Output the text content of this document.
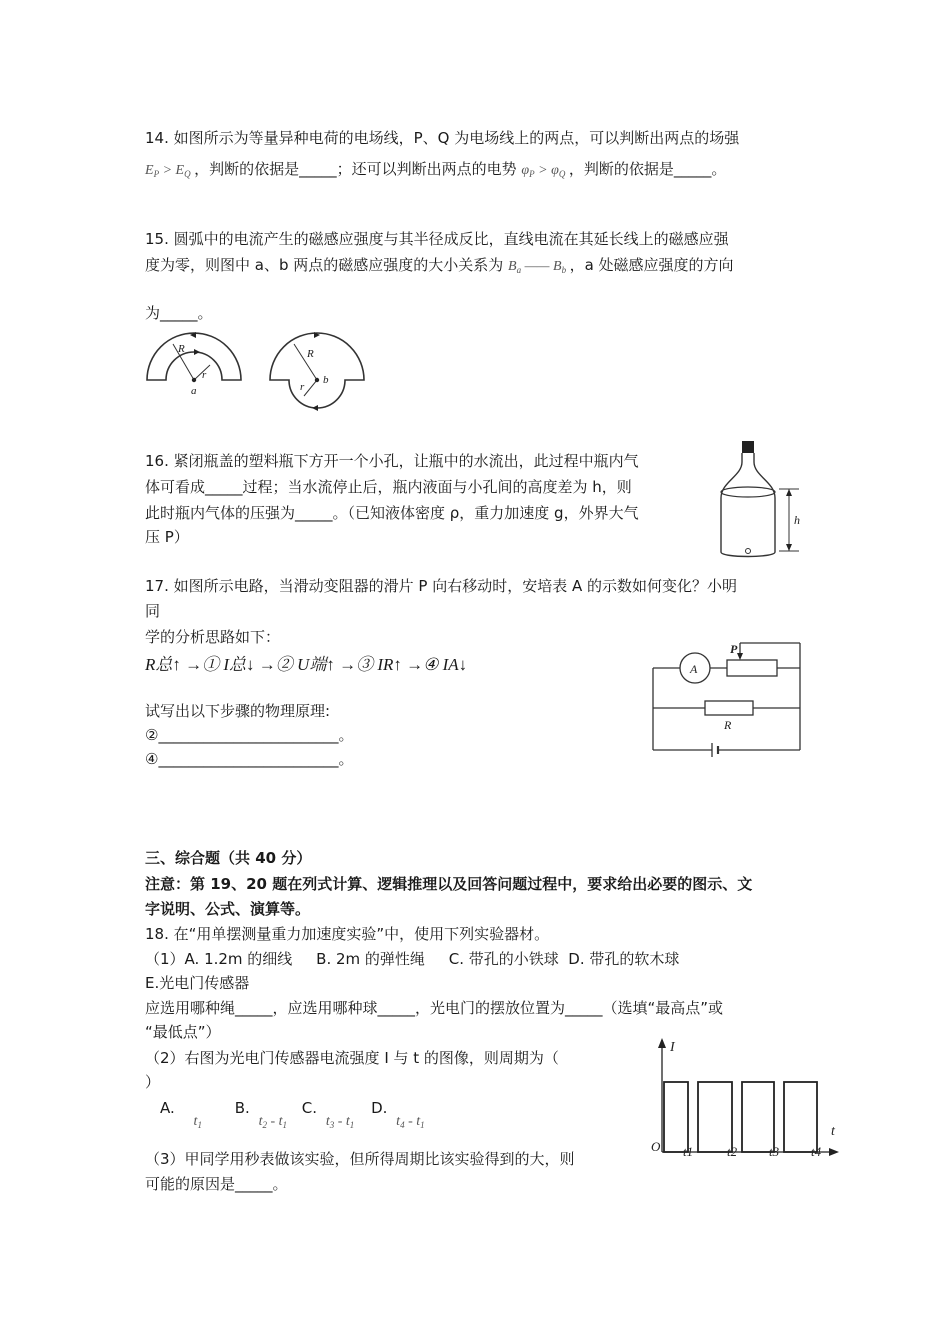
14. 如图所示为等量异种电荷的电场线，P、Q 为电场线上的两点，可以判断出两点的场强
$E_P > E_Q$ ，判断的依据是_____；还可以判断出两点的电势 $\varphi_P > \varphi_Q$ ，判断的依据是_____。
15. 圆弧中的电流产生的磁感应强度与其半径成反比，直线电流在其延长线上的磁感应强
度为零，则图中 a、b 两点的磁感应强度的大小关系为 $B_a$ —— $B_b$ ，a 处磁感应强度的方向
为_____。
R
r
a
R
r
b
16. 紧闭瓶盖的塑料瓶下方开一个小孔，让瓶中的水流出，此过程中瓶内气
体可看成_____过程；当水流停止后，瓶内液面与小孔间的高度差为 h，则
此时瓶内气体的压强为_____。（已知液体密度 ρ，重力加速度 g，外界大气
压 P）
h
17. 如图所示电路，当滑动变阻器的滑片 P 向右移动时，安培表 A 的示数如何变化？小明
同
学的分析思路如下：
R总↑ →① I总↓ →② U端↑ →③ IR↑ →④ IA↓
试写出以下步骤的物理原理:
②________________________。
④________________________。
A
P
R
三、综合题（共 40 分）
注意：第 19、20 题在列式计算、逻辑推理以及回答问题过程中，要求给出必要的图示、文
字说明、公式、演算等。
18. 在“用单摆测量重力加速度实验”中，使用下列实验器材。
（1）A. 1.2m 的细线     B. 2m 的弹性绳     C. 带孔的小铁球  D. 带孔的软木球
E.光电门传感器
应选用哪种绳_____，应选用哪种球_____，光电门的摆放位置为_____（选填“最高点”或
“最低点”）
（2）右图为光电门传感器电流强度 I 与 t 的图像，则周期为（
）
A. $t_1$ B. $t_2 - t_1$ C. $t_3 - t_1$ D. $t_4 - t_1$
（3）甲同学用秒表做该实验，但所得周期比该实验得到的大，则
可能的原因是_____。
I
t
O t1	t2 t3 t4
